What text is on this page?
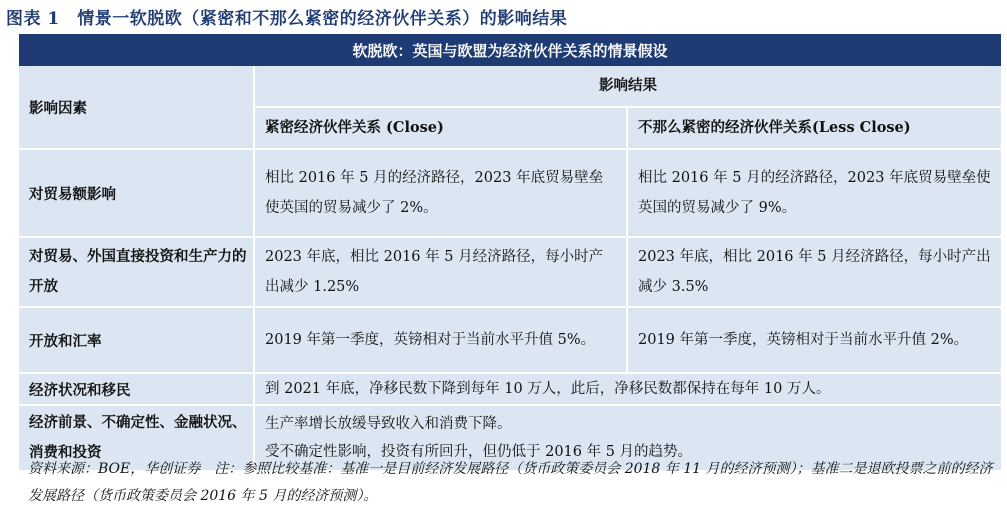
图表 1　情景一软脱欧（紧密和不那么紧密的经济伙伴关系）的影响结果
软脱欧：英国与欧盟为经济伙伴关系的情景假设		
影响因素	影响结果	
	紧密经济伙伴关系 (Close)	不那么紧密的经济伙伴关系(Less Close)
对贸易额影响	相比 2016 年 5 月的经济路径，2023 年底贸易壁垒使英国的贸易减少了 2%。	相比 2016 年 5 月的经济路径，2023 年底贸易壁垒使英国的贸易减少了 9%。
对贸易、外国直接投资和生产力的开放	2023 年底，相比 2016 年 5 月经济路径，每小时产出减少 1.25%	2023 年底，相比 2016 年 5 月经济路径，每小时产出减少 3.5%
开放和汇率	2019 年第一季度，英镑相对于当前水平升值 5%。	2019 年第一季度，英镑相对于当前水平升值 2%。
经济状况和移民	到 2021 年底，净移民数下降到每年 10 万人，此后，净移民数都保持在每年 10 万人。	
经济前景、不确定性、金融状况、消费和投资	生产率增长放缓导致收入和消费下降。
受不确定性影响，投资有所回升，但仍低于 2016 年 5 月的趋势。	
资料来源：BOE，华创证券　注：参照比较基准：基准一是目前经济发展路径（货币政策委员会 2018 年 11 月的经济预测）；基准二是退欧投票之前的经济发展路径（货币政策委员会 2016 年 5 月的经济预测）。
